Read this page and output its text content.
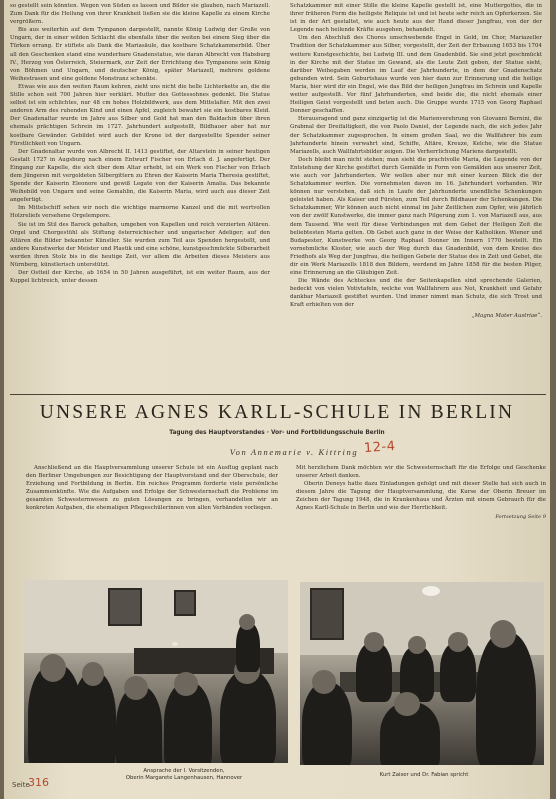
so gestellt sein könnten. Wegen von Süden es lassen und Bilder sie glauben, nach Mariazell. Zum Dank für die Heilung von ihrer Krankheit ließen sie die kleine Kapelle zu einem Kirche vergrößern.

Bis aus weiterhin auf dem Tympanon dargestellt, nannte König Ludwig der Große von Ungarn, der in einer wilden Schlacht die ebenfalls über die weiten bei einem Sieg über die Türken errang. Er stiftete als Dank die Mariasäule, das kostbare Schatzkammerbild. Über all den Geschenken stand eine wunderbare Gnadenstatue, wie daran Albrecht von Habsburg IV., Herzog von Österreich, Steiermark, zur Zeit der Errichtung des Tympanons sein König von Böhmen und Ungarn, und deutscher König, später Mariazell, mehrere goldene Weihestrasen und eine goldene Monstranz schenkte.

Etwas wie aus den weiten Raum kehren, zieht uns nicht die helle Lichterkette an, die die Stille schon seit 700 Jahren hier verklärt. Mutter des Gottessohnes gedenkt. Die Statue selbst ist ein schlichtes, nur 48 cm hohes Holzbildwerk, aus dem Mittelalter. Mit den zwei anderen Arm des ruhenden Kind und einen Apfel, zugleich bewahrt sie ein kostbares Kleid. Der Gnadenaltar wurde im Jahre aus Silber und Gold hat man den Baldachin über ihren ehemals prächtigen Schrein im 1727. Jahrhundert aufgestellt, Bildhauer aber hat nur kostbare Gewänder. Gebildet wird auch der Krone ist der dargestellte Spender seiner Fürstlichkeit von Ungarn.

Der Gnadenaltar wurde von Albrecht II. 1413 gestiftet, der Altarstein in seiner heutigen Gestalt 1727 in Augsburg nach einem Entwurf Fischer von Erlach d. J. angefertigt. Der Eingang zur Kapelle, die sich über dem Altar erhebt, ist ein Werk von Fischer von Erlach dem Jüngeren mit vergoldeten Silbergittern zu Ehren der Kaiserin Maria Theresia gestiftet, Spende der Kaiserin Eleonore und gewiß Legate von der Kaiserin Amalia. Das bekannte Weihebild von Ungarn und seine Gemahlin, die Kaiserin Maria, wird auch aus dieser Zeit angefertigt.

Im Mittelschiff sehen wir noch die wichtige marmorne Kanzel und die mit wertvollen Holzreliefs versehene Orgelempore.

Sie ist im Stil des Barock gehalten, umgeben von Kapellen und reich verzierten Altären. Orgel und Chorgestühl als Stiftung österreichischer und ungarischer Adeliger; auf den Altären die Bilder bekannter Künstler. Sie wurden zum Teil aus Spenden hergestellt, und andere Kunstwerke der Meister und Plastik und eine schöne, kunstgeschmückte Silberarbeit werden ihren Stolz bis in die heutige Zeit, vor allem die Arbeiten dieses Meisters aus Nürnberg, künstlerisch unterstützt.

Der Ostteil der Kirche, ab 1654 in 50 Jahren ausgeführt, ist ein weiter Raum, aus der Kuppel lichtreich, unter dessen

Schatzkammer mit einer Stille die kleine Kapelle gestellt ist, eine Muttergottes, die in ihrer früheren Form die heiligste Reliquie ist und ist heute sehr reich an Opferkerzen. Sie ist in der Art gestaltet, wie auch heute aus der Hand dieser Jungfrau, von der der Legende nach heilende Kräfte ausgehen, behandelt.

Um den Abschluß des Chores umschwebende Engel in Gold, im Chor, Mariazeller Tradition der Schatzkammer aus Silber, vorgestellt, der Zeit der Erbauung 1653 bis 1704 weitere Kunstgeschichte, bei Ludwig III. und dem Gnadenbild. Sie sind jetzt geschmückt in der Kirche mit der Statue im Gewand, als die Leute Zeit geben, der Statue sieht, darüber Weihegaben werden im Lauf der Jahrhunderte, in dem der Gnadenschatz gebunden wird. Sein Geburtshaus wurde von hier dann zur Erinnerung und die heilige Maria, hier wird dir ein Engel, wie das Bild der heiligen Jungfrau im Schrein und Kapelle weiter aufgestellt. Vor fünf Jahrhunderten, sind beide die, die nicht ehemals einer Heiligen Geist vorgestellt und beten auch. Die Gruppe wurde 1715 von Georg Raphael Donner geschaffen.

Herausragend und ganz einzigartig ist die Marienverehrung von Giovanni Bernini, die Grabmal der Dreifaltigkeit, die von Paolo Daniel, der Legende nach, die sich jedes Jahr der Schatzkammer zugesprochen. In einem großen Saal, wo die Wallfahrer bis zum Jahrhunderte hinein verwahrt sind, Schiffe, Altäre, Kreuze, Kelche, wie die Statue Mariazells, auch Wallfahrtsbilder zeigen. Die Verherrlichung Mariens dargestellt.

Doch bleibt man nicht stehen; man sieht die prachtvolle Maria, die Legende von der Entstehung der Kirche gestiftet durch Gemälde in Form von Gemälden aus unserer Zeit, wie auch vor Jahrhunderten. Wir wollen aber nur mit einer kurzen Blick die der Schatzkammer werfen. Die vornehmsten davon im 16. Jahrhundert vorhanden. Wir können nur verstehen, daß sich in Laufe der Jahrhunderte unendliche Schenkungen geleistet haben. Als Kaiser und Fürsten, zum Teil durch Bildhauer der Schenkungen. Die Schatzkammer, Wir können auch nicht einmal im Jahr Zeitlichen zum Opfer, wie jährlich von der zwölf Kunstwerke, die immer ganz nach Pilgerung zum 1. von Mariazell aus, aus dem Tausend. Wie weit für diese Verbindungen mit dem Gebet der Heiligen Zeit die beliebtesten Maria gelten. Ob Gebet auch ganz in der Weise der Katholiken. Wiener und Budapester, Kunstwerke von Georg Raphael Donner im Innern 1770 bestellt. Ein vornehmliche Kloster, wie auch der Weg durch das Gnadenbild, von dem Kreise des Friedhofs als Weg der Jungfrau, die heiligen Gebete der Statue des in Zeit und Gebet, die dir ein Werk Mariazells 1818 den Bildern, werdend im Jahre 1858 für die besten Pilger, eine Erinnerung an die Gläubigen Zeit.

Die Wände des Achteckes und die der Seitenkapellen sind sprechende Galerien, bedeckt von vielen Votivtafeln, welche von Wallfahrern aus Not, Krankheit und Gefahr dankbar Mariazell gestiftet wurden. Und immer nimmt man Schutz, die sich Trost und Kraft erhielten von der

„Magna Mater Austriae“.

UNSERE AGNES KARLL-SCHULE IN BERLIN
Tagung des Hauptvorstandes · Vor- und Fortbildungsschule Berlin
Von Annemarie v. Kittring 12-4

Anschließend an die Hauptversammlung unserer Schule ist ein Ausflug geplant nach den Berliner Umgebungen zur Besichtigung der Hauptvorstand und der Oberschule, der Erziehung und Fortbildung in Berlin. Ein reiches Programm forderte viele persönliche Zusammenkünfte. Wie die Aufgaben und Erfolge der Schwesternschaft die Probleme im gesamten Schwesternwesen zu guten Lösungen zu bringen, verhandelten wir an konkreten Aufgaben, die ehemaligen Pflegeschülerinnen von allen Verbänden vorliegen.

Mit herzlichem Dank möchten wir die Schwesternschaft für die Erfolge und Geschenke unserer Arbeit danken.

Oberin Deneys hatte dazu Einladungen gefolgt und mit dieser Stelle hat sich auch in diesem Jahre die Tagung der Hauptversammlung, die Kurse der Oberin Breuer im Zeichen der Tagung 1948, die in Krankenhaus und Ärzten mit einem Gebrauch für die Agnes Karll-Schule in Berlin und wie der Herrlichkeit.

Fortsetzung Seite 9

Ansprache der I. Vorsitzenden,
Oberin Margarete Langenhausen, Hannover	Kurt Zaiser und Dr. Fabian spricht
Seite
316
